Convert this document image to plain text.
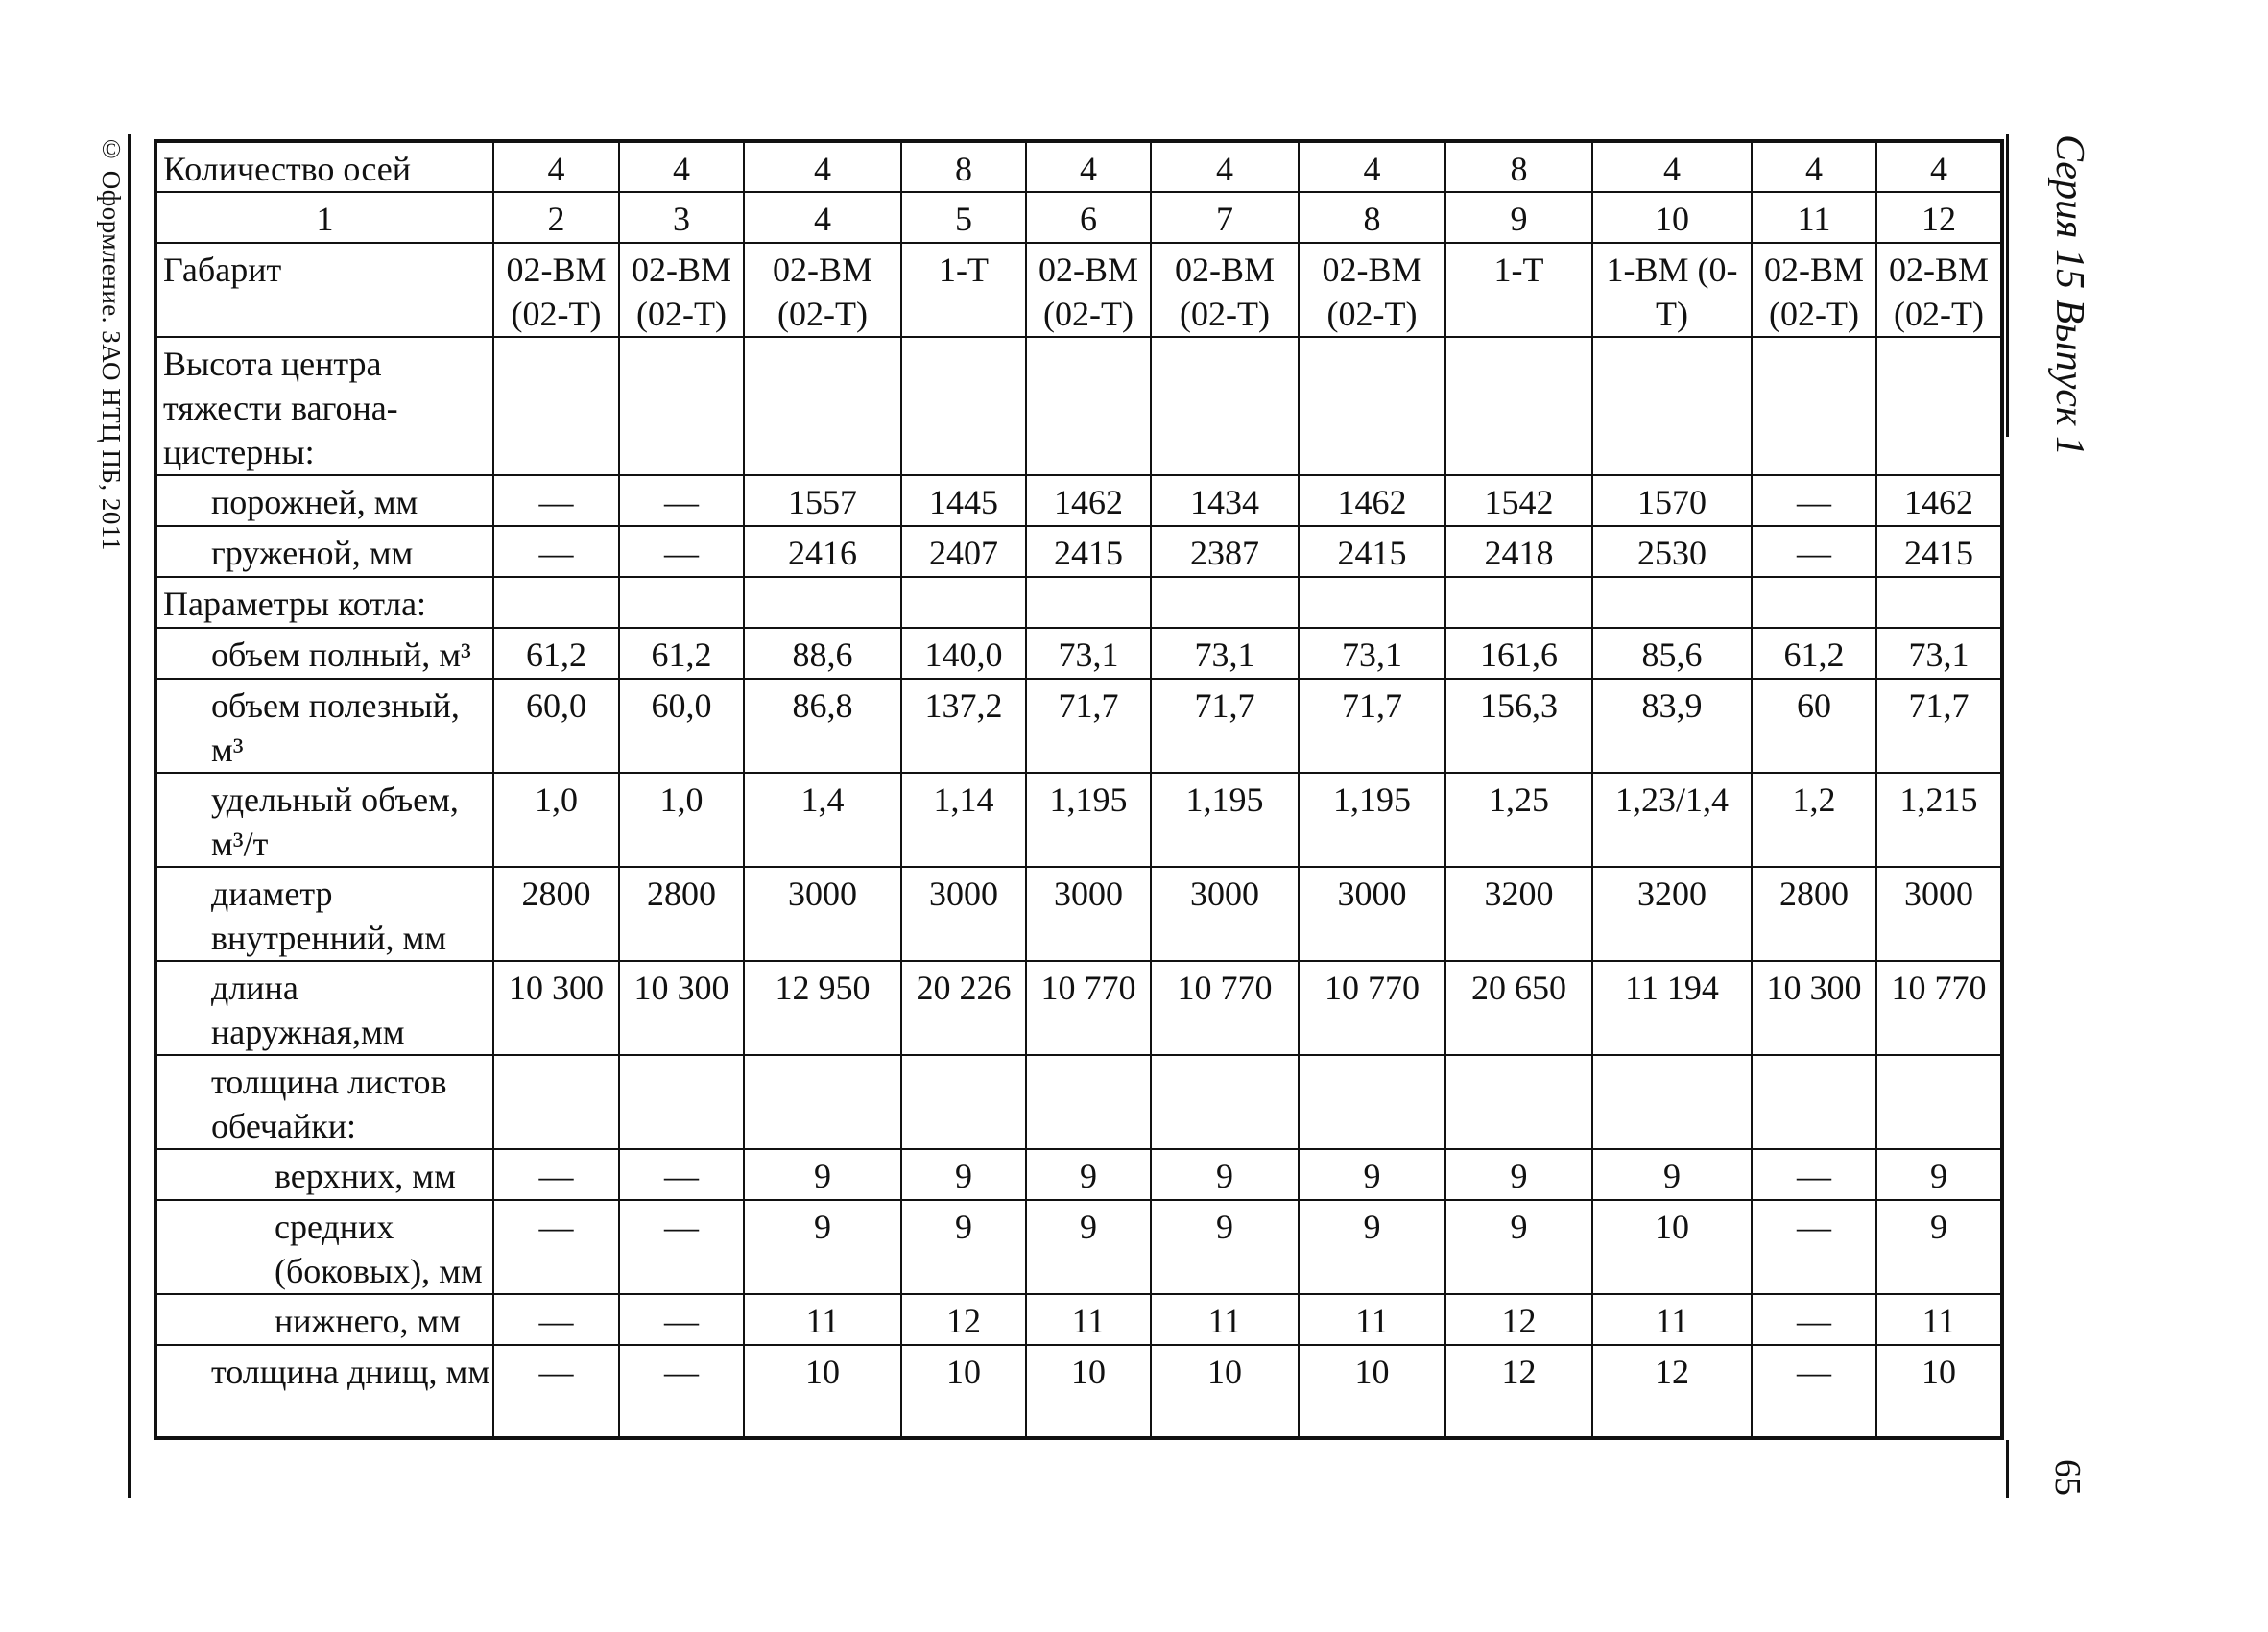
© Оформление. ЗАО НТЦ ПБ, 2011	Серия 15 Выпуск 1
65
Количество осей	4	4	4	8	4	4	4	8	4	4	4
1	2	3	4	5	6	7	8	9	10	11	12
Габарит	02-ВМ (02-Т)	02-ВМ (02-Т)	02-ВМ (02-Т)	1-Т	02-ВМ (02-Т)	02-ВМ (02-Т)	02-ВМ (02-Т)	1-Т	1-ВМ (0-Т)	02-ВМ (02-Т)	02-ВМ (02-Т)
Высота центра тяжести вагона-цистерны:											
порожней, мм	—	—	1557	1445	1462	1434	1462	1542	1570	—	1462
груженой, мм	—	—	2416	2407	2415	2387	2415	2418	2530	—	2415
Параметры котла:											
объем полный, м³	61,2	61,2	88,6	140,0	73,1	73,1	73,1	161,6	85,6	61,2	73,1
объем полезный, м³	60,0	60,0	86,8	137,2	71,7	71,7	71,7	156,3	83,9	60	71,7
удельный объем, м³/т	1,0	1,0	1,4	1,14	1,195	1,195	1,195	1,25	1,23/1,4	1,2	1,215
диаметр внутренний, мм	2800	2800	3000	3000	3000	3000	3000	3200	3200	2800	3000
длина наружная,мм	10 300	10 300	12 950	20 226	10 770	10 770	10 770	20 650	11 194	10 300	10 770
толщина листов обечайки:											
верхних, мм	—	—	9	9	9	9	9	9	9	—	9
средних (боковых), мм	—	—	9	9	9	9	9	9	10	—	9
нижнего, мм	—	—	11	12	11	11	11	12	11	—	11
толщина днищ, мм	—	—	10	10	10	10	10	12	12	—	10
